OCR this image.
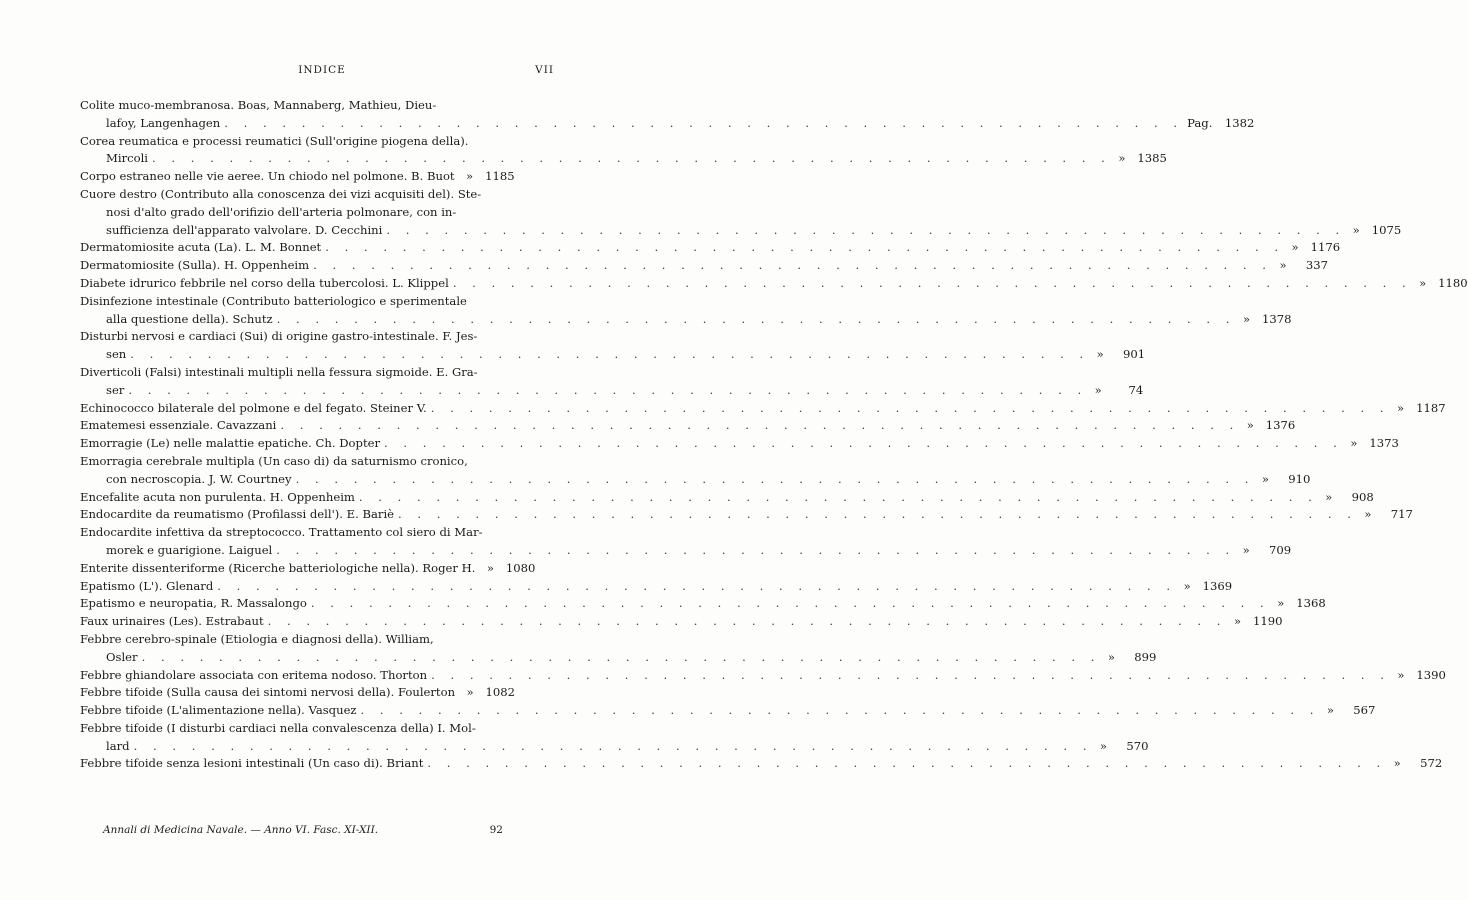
INDICE	VII
Colite muco-membranosa. Boas, Mannaberg, Mathieu, Dieu-
lafoy, Langenhagen . . .	Pag.	1382
Corea reumatica e processi reumatici (Sull'origine piogena della).
Mircoli . . .	»	1385
Corpo estraneo nelle vie aeree. Un chiodo nel polmone. B. Buot »	1185
Cuore destro (Contributo alla conoscenza dei vizi acquisiti del). Ste-
nosi d'alto grado dell'orifizio dell'arteria polmonare, con in-
sufficienza dell'apparato valvolare. D. Cecchini . . .	»	1075
Dermatomiosite acuta (La). L. M. Bonnet . . .	»	1176
Dermatomiosite (Sulla). H. Oppenheim . . .	»	337
Diabete idrurico febbrile nel corso della tubercolosi. L. Klippel . . .	»	1180
Disinfezione intestinale (Contributo batteriologico e sperimentale
alla questione della). Schutz . . .	»	1378
Disturbi nervosi e cardiaci (Sui) di origine gastro-intestinale. F. Jes-
sen . . .	»	901
Diverticoli (Falsi) intestinali multipli nella fessura sigmoide. E. Gra-
ser . . .	»	74
Echinococco bilaterale del polmone e del fegato. Steiner V. . . .	»	1187
Ematemesi essenziale. Cavazzani . . .	»	1376
Emorragie (Le) nelle malattie epatiche. Ch. Dopter . . .	»	1373
Emorragia cerebrale multipla (Un caso di) da saturnismo cronico,
con necroscopia. J. W. Courtney . . .	»	910
Encefalite acuta non purulenta. H. Oppenheim . . .	»	908
Endocardite da reumatismo (Profilassi dell'). E. Bariè . . .	»	717
Endocardite infettiva da streptococco. Trattamento col siero di Mar-
morek e guarigione. Laiguel . . .	»	709
Enterite dissenteriforme (Ricerche batteriologiche nella). Roger H. »	1080
Epatismo (L'). Glenard . . .	»	1369
Epatismo e neuropatia, R. Massalongo . . .	»	1368
Faux urinaires (Les). Estrabaut . . .	»	1190
Febbre cerebro-spinale (Etiologia e diagnosi della). William,
Osler . . .	»	899
Febbre ghiandolare associata con eritema nodoso. Thorton . . .	»	1390
Febbre tifoide (Sulla causa dei sintomi nervosi della). Foulerton »	1082
Febbre tifoide (L'alimentazione nella). Vasquez . . .	»	567
Febbre tifoide (I disturbi cardiaci nella convalescenza della) I. Mol-
lard . . .	»	570
Febbre tifoide senza lesioni intestinali (Un caso di). Briant . . .	»	572
Annali di Medicina Navale. — Anno VI. Fasc. XI-XII.	92
